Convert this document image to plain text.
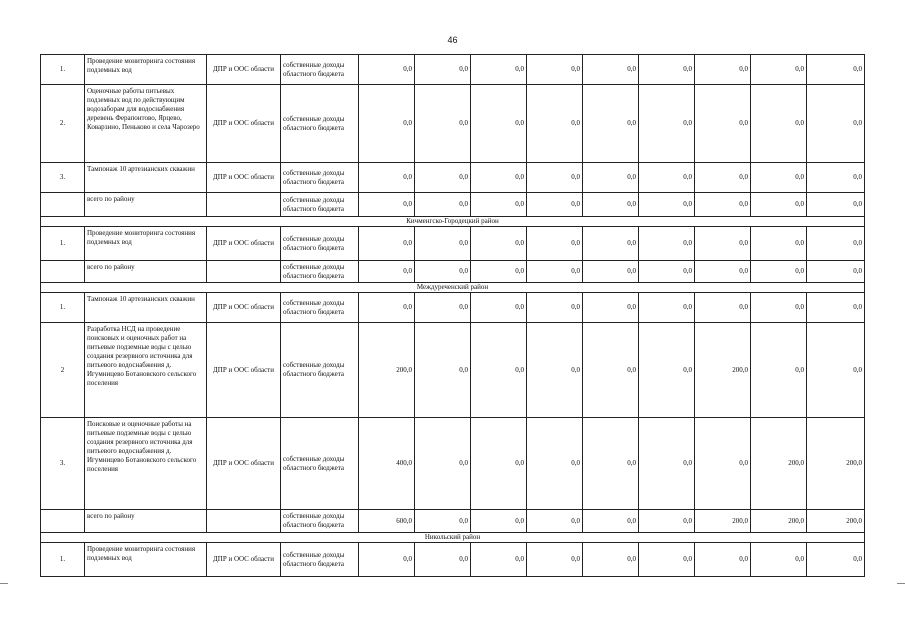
46
1.	Проведение мониторинга состояния подземных вод	ДПР и ООС области	собственные доходы областного бюджета	0,0	0,0	0,0	0,0	0,0	0,0	0,0	0,0	0,0
2.	Оценочные работы питьевых подземных вод по действующим водозаборам для водоснабжения деревень Ферапонтово, Ярцево, Коварзино, Пеньково и села Чарозеро	ДПР и ООС области	собственные доходы областного бюджета	0,0	0,0	0,0	0,0	0,0	0,0	0,0	0,0	0,0
3.	Тампонаж 10 артезианских скважин	ДПР и ООС области	собственные доходы областного бюджета	0,0	0,0	0,0	0,0	0,0	0,0	0,0	0,0	0,0
	всего по району		собственные доходы областного бюджета	0,0	0,0	0,0	0,0	0,0	0,0	0,0	0,0	0,0
Кичменгско-Городецкий район												
1.	Проведение мониторинга состояния подземных вод	ДПР и ООС области	собственные доходы областного бюджета	0,0	0,0	0,0	0,0	0,0	0,0	0,0	0,0	0,0
	всего по району		собственные доходы областного бюджета	0,0	0,0	0,0	0,0	0,0	0,0	0,0	0,0	0,0
Междуреченский район												
1.	Тампонаж 10 артезианских скважин	ДПР и ООС области	собственные доходы областного бюджета	0,0	0,0	0,0	0,0	0,0	0,0	0,0	0,0	0,0
2	Разработка НСД на проведение поисковых и оценочных работ на питьевые подземные воды с целью создания резервного источника для питьевого водоснабжения д. Игумницево Ботановского сельского поселения	ДПР и ООС области	собственные доходы областного бюджета	200,0	0,0	0,0	0,0	0,0	0,0	200,0	0,0	0,0
3.	Поисковые и оценочные работы на питьевые подземные воды с целью создания резервного источника для питьевого водоснабжения д. Игумницево Ботановского сельского поселения	ДПР и ООС области	собственные доходы областного бюджета	400,0	0,0	0,0	0,0	0,0	0,0	0,0	200,0	200,0
	всего по району		собственные доходы областного бюджета	600,0	0,0	0,0	0,0	0,0	0,0	200,0	200,0	200,0
Никольский район												
1.	Проведение мониторинга состояния подземных вод	ДПР и ООС области	собственные доходы областного бюджета	0,0	0,0	0,0	0,0	0,0	0,0	0,0	0,0	0,0
